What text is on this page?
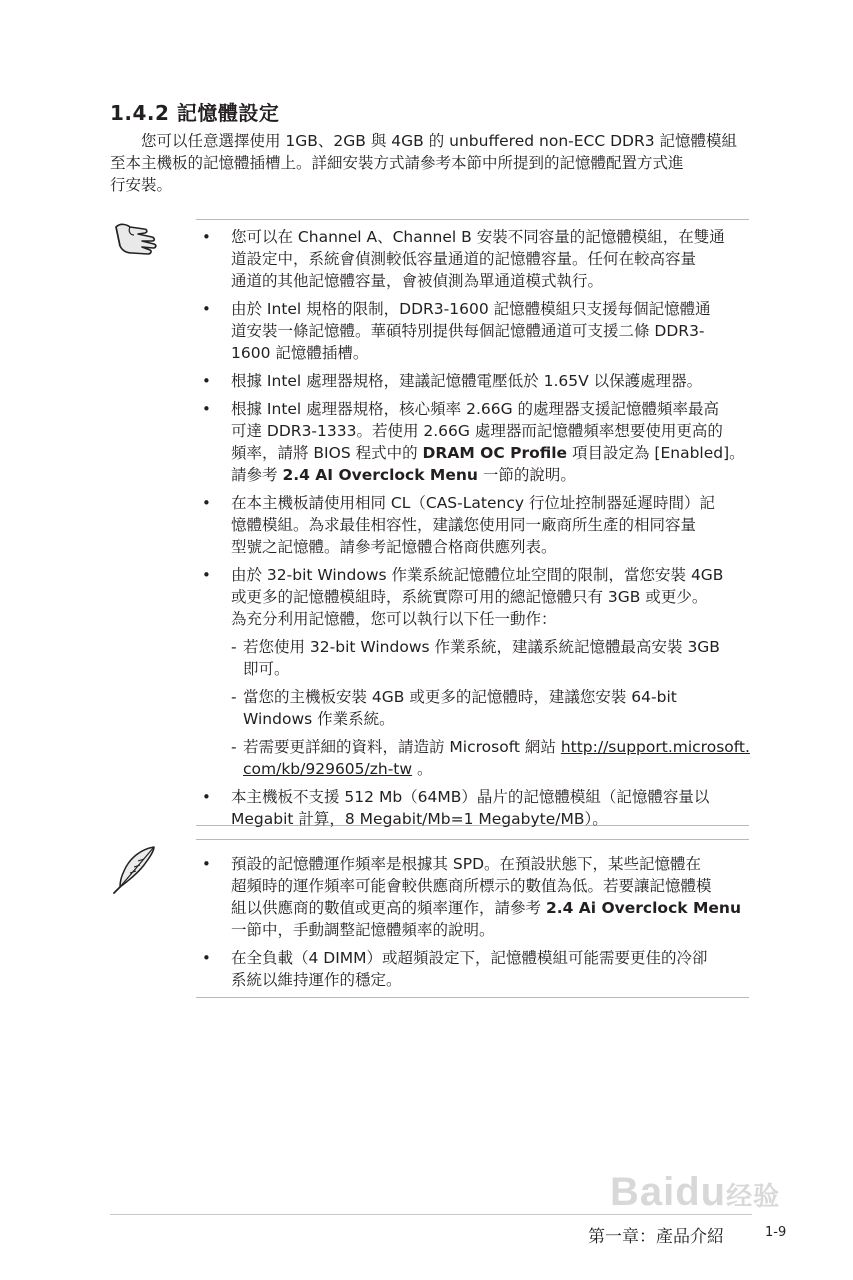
1.4.2 記憶體設定
您可以任意選擇使用 1GB、2GB 與 4GB 的 unbuffered non-ECC DDR3 記憶體模組
至本主機板的記憶體插槽上。詳細安裝方式請參考本節中所提到的記憶體配置方式進
行安裝。
• 您可以在 Channel A、Channel B 安裝不同容量的記憶體模組，在雙通
道設定中，系統會偵測較低容量通道的記憶體容量。任何在較高容量
通道的其他記憶體容量，會被偵測為單通道模式執行。
• 由於 Intel 規格的限制，DDR3-1600 記憶體模組只支援每個記憶體通
道安裝一條記憶體。華碩特別提供每個記憶體通道可支援二條 DDR3-
1600 記憶體插槽。
• 根據 Intel 處理器規格，建議記憶體電壓低於 1.65V 以保護處理器。
• 根據 Intel 處理器規格，核心頻率 2.66G 的處理器支援記憶體頻率最高
可達 DDR3-1333。若使用 2.66G 處理器而記憶體頻率想要使用更高的
頻率，請將 BIOS 程式中的 DRAM OC Profile 項目設定為 [Enabled]。
請參考 2.4 AI Overclock Menu 一節的說明。
• 在本主機板請使用相同 CL（CAS-Latency 行位址控制器延遲時間）記
憶體模組。為求最佳相容性，建議您使用同一廠商所生產的相同容量
型號之記憶體。請參考記憶體合格商供應列表。
• 由於 32-bit Windows 作業系統記憶體位址空間的限制，當您安裝 4GB
或更多的記憶體模組時，系統實際可用的總記憶體只有 3GB 或更少。
為充分利用記憶體，您可以執行以下任一動作：
- 若您使用 32-bit Windows 作業系統，建議系統記憶體最高安裝 3GB
即可。
- 當您的主機板安裝 4GB 或更多的記憶體時，建議您安裝 64-bit
Windows 作業系統。
- 若需要更詳細的資料，請造訪 Microsoft 網站 http://support.microsoft.
com/kb/929605/zh-tw 。
• 本主機板不支援 512 Mb（64MB）晶片的記憶體模組（記憶體容量以
Megabit 計算，8 Megabit/Mb=1 Megabyte/MB）。
• 預設的記憶體運作頻率是根據其 SPD。在預設狀態下，某些記憶體在
超頻時的運作頻率可能會較供應商所標示的數值為低。若要讓記憶體模
組以供應商的數值或更高的頻率運作，請參考 2.4 Ai Overclock Menu
一節中，手動調整記憶體頻率的說明。
• 在全負載（4 DIMM）或超頻設定下，記憶體模組可能需要更佳的冷卻
系統以維持運作的穩定。
Baidu经验
第一章：產品介紹	1-9
